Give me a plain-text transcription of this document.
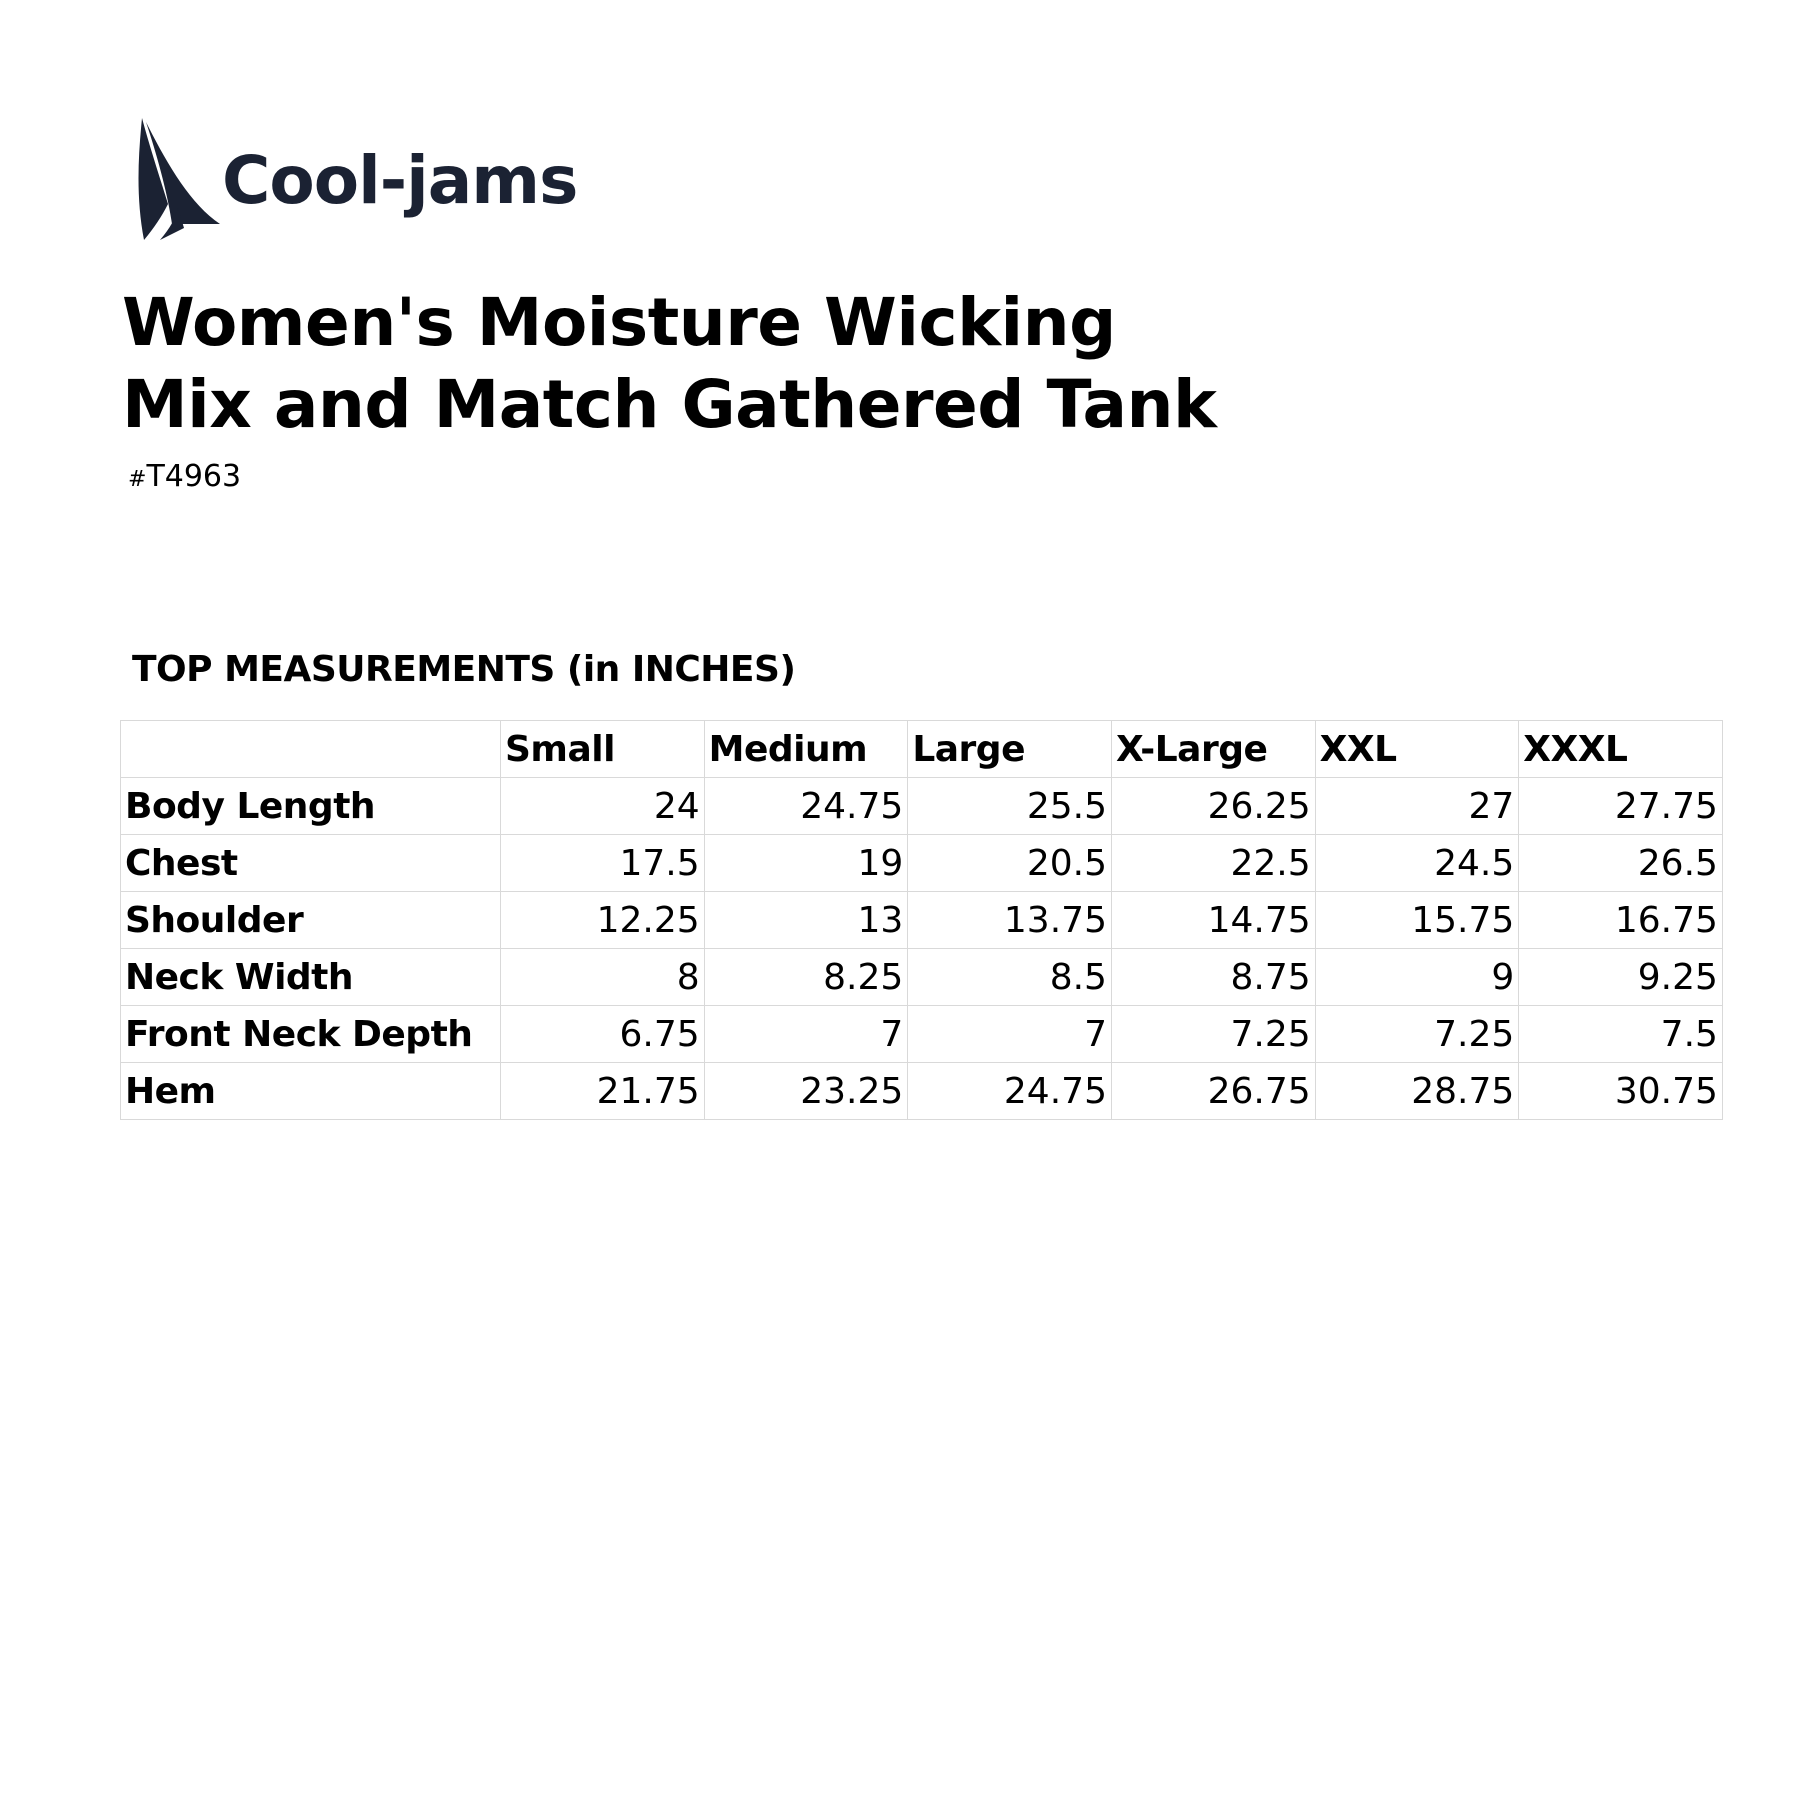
Cool-jams
Women's Moisture Wicking
Mix and Match Gathered Tank
#T4963
TOP MEASUREMENTS (in INCHES)
	Small	Medium	Large	X-Large	XXL	XXXL
Body Length	24	24.75	25.5	26.25	27	27.75
Chest	17.5	19	20.5	22.5	24.5	26.5
Shoulder	12.25	13	13.75	14.75	15.75	16.75
Neck Width	8	8.25	8.5	8.75	9	9.25
Front Neck Depth	6.75	7	7	7.25	7.25	7.5
Hem	21.75	23.25	24.75	26.75	28.75	30.75
